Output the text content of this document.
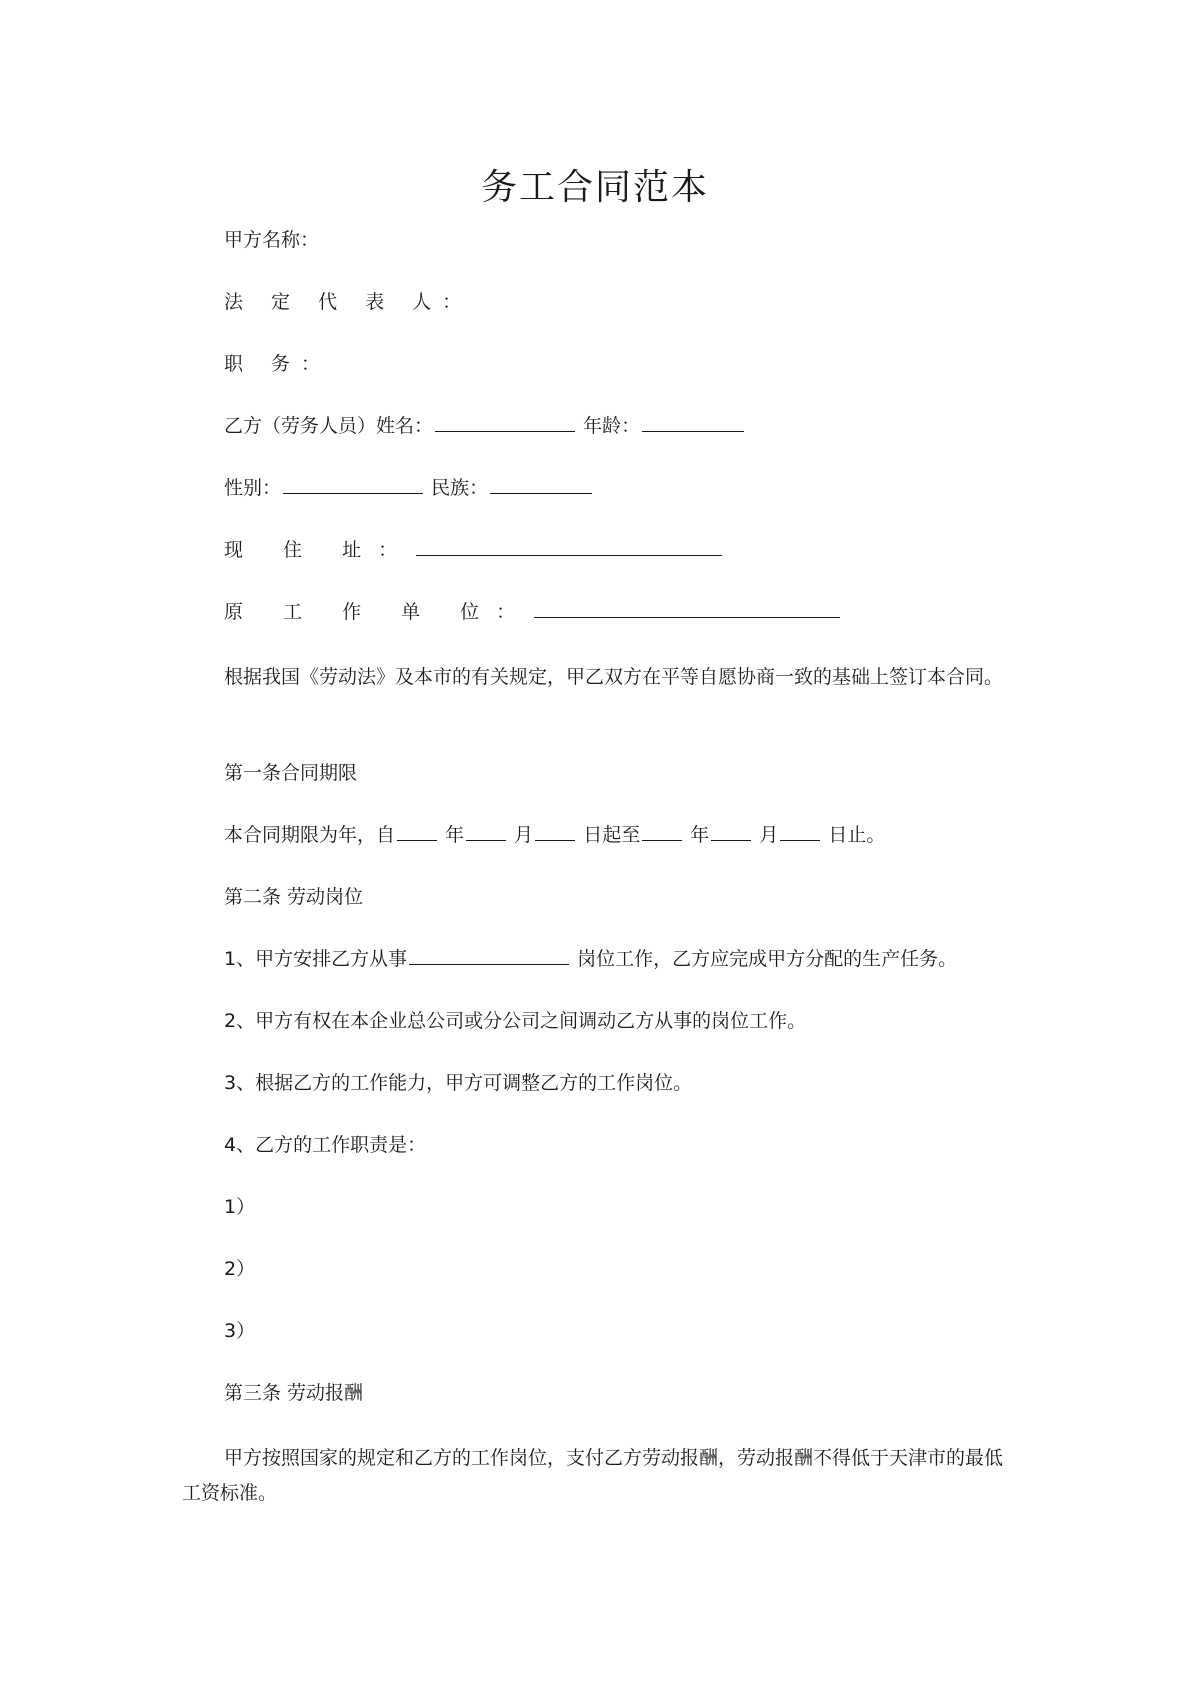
务工合同范本
甲方名称：
法 定 代 表 人：
职 务：
乙方（劳务人员）姓名：	年龄：
性别：	民族：
现 住 址：
原 工 作 单 位：
根据我国《劳动法》及本市的有关规定，甲乙双方在平等自愿协商一致的基础上签订本合同。
第一条合同期限
本合同期限为年，自	年	月	日起至	年	月	日止。
第二条 劳动岗位
1、甲方安排乙方从事	岗位工作，乙方应完成甲方分配的生产任务。
2、甲方有权在本企业总公司或分公司之间调动乙方从事的岗位工作。
3、根据乙方的工作能力，甲方可调整乙方的工作岗位。
4、乙方的工作职责是：
1）
2）
3）
第三条 劳动报酬
甲方按照国家的规定和乙方的工作岗位，支付乙方劳动报酬，劳动报酬不得低于天津市的最低工资标准。
